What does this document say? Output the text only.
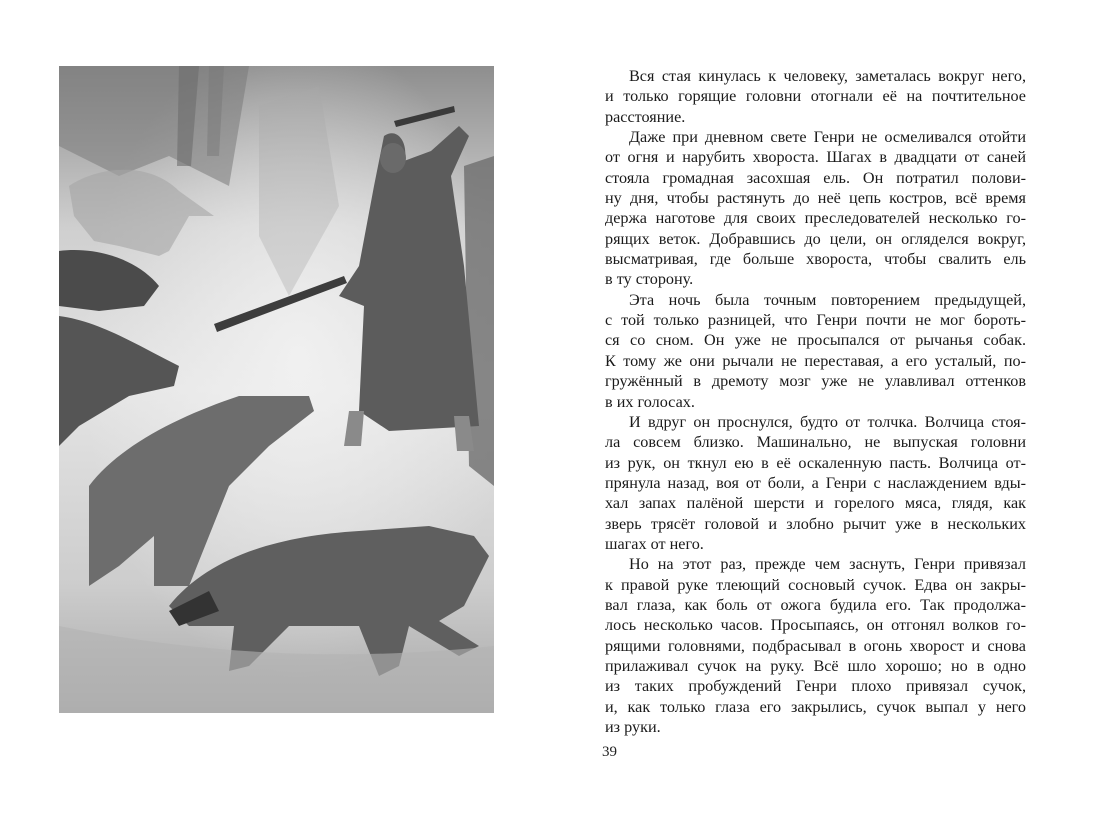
Вся стая кинулась к человеку, заметалась вокруг него,
и только горящие головни отогнали её на почтительное
расстояние.
Даже при дневном свете Генри не осмеливался отойти
от огня и нарубить хвороста. Шагах в двадцати от саней
стояла громадная засохшая ель. Он потратил полови-
ну дня, чтобы растянуть до неё цепь костров, всё время
держа наготове для своих преследователей несколько го-
рящих веток. Добравшись до цели, он огляделся вокруг,
высматривая, где больше хвороста, чтобы свалить ель
в ту сторону.
Эта ночь была точным повторением предыдущей,
с той только разницей, что Генри почти не мог бороть-
ся со сном. Он уже не просыпался от рычанья собак.
К тому же они рычали не переставая, а его усталый, по-
гружённый в дремоту мозг уже не улавливал оттенков
в их голосах.
И вдруг он проснулся, будто от толчка. Волчица стоя-
ла совсем близко. Машинально, не выпуская головни
из рук, он ткнул ею в её оскаленную пасть. Волчица от-
прянула назад, воя от боли, а Генри с наслаждением вды-
хал запах палёной шерсти и горелого мяса, глядя, как
зверь трясёт головой и злобно рычит уже в нескольких
шагах от него.
Но на этот раз, прежде чем заснуть, Генри привязал
к правой руке тлеющий сосновый сучок. Едва он закры-
вал глаза, как боль от ожога будила его. Так продолжа-
лось несколько часов. Просыпаясь, он отгонял волков го-
рящими головнями, подбрасывал в огонь хворост и снова
прилаживал сучок на руку. Всё шло хорошо; но в одно
из таких пробуждений Генри плохо привязал сучок,
и, как только глаза его закрылись, сучок выпал у него
из руки.
39
